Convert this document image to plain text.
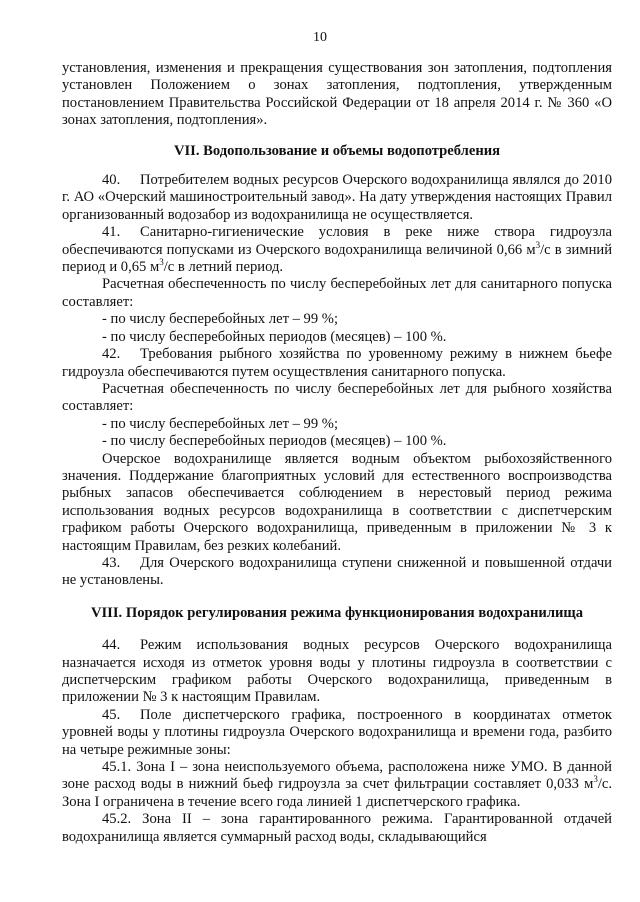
10

установления, изменения и прекращения существования зон затопления, подтопления установлен Положением о зонах затопления, подтопления, утвержденным постановлением Правительства Российской Федерации от 18 апреля 2014 г. № 360 «О зонах затопления, подтопления».

VII. Водопользование и объемы водопотребления

40. Потребителем водных ресурсов Очерского водохранилища являлся до 2010 г. АО «Очерский машиностроительный завод». На дату утверждения настоящих Правил организованный водозабор из водохранилища не осуществляется.

41. Санитарно-гигиенические условия в реке ниже створа гидроузла обеспечиваются попусками из Очерского водохранилища величиной 0,66 $м^3/с$ в зимний период и 0,65 $м^3/с$ в летний период.

Расчетная обеспеченность по числу бесперебойных лет для санитарного попуска составляет:

- по числу бесперебойных лет – 99 %;

- по числу бесперебойных периодов (месяцев) – 100 %.

42. Требования рыбного хозяйства по уровенному режиму в нижнем бьефе гидроузла обеспечиваются путем осуществления санитарного попуска.

Расчетная обеспеченность по числу бесперебойных лет для рыбного хозяйства составляет:

- по числу бесперебойных лет – 99 %;

- по числу бесперебойных периодов (месяцев) – 100 %.

Очерское водохранилище является водным объектом рыбохозяйственного значения. Поддержание благоприятных условий для естественного воспроизводства рыбных запасов обеспечивается соблюдением в нерестовый период режима использования водных ресурсов водохранилища в соответствии с диспетчерским графиком работы Очерского водохранилища, приведенным в приложении № 3 к настоящим Правилам, без резких колебаний.

43. Для Очерского водохранилища ступени сниженной и повышенной отдачи не установлены.

VIII. Порядок регулирования режима функционирования водохранилища

44. Режим использования водных ресурсов Очерского водохранилища назначается исходя из отметок уровня воды у плотины гидроузла в соответствии с диспетчерским графиком работы Очерского водохранилища, приведенным в приложении № 3 к настоящим Правилам.

45. Поле диспетчерского графика, построенного в координатах отметок уровней воды у плотины гидроузла Очерского водохранилища и времени года, разбито на четыре режимные зоны:

45.1. Зона I – зона неиспользуемого объема, расположена ниже УМО. В данной зоне расход воды в нижний бьеф гидроузла за счет фильтрации составляет 0,033 $м^3/с$. Зона I ограничена в течение всего года линией 1 диспетчерского графика.

45.2. Зона II – зона гарантированного режима. Гарантированной отдачей водохранилища является суммарный расход воды, складывающийся
